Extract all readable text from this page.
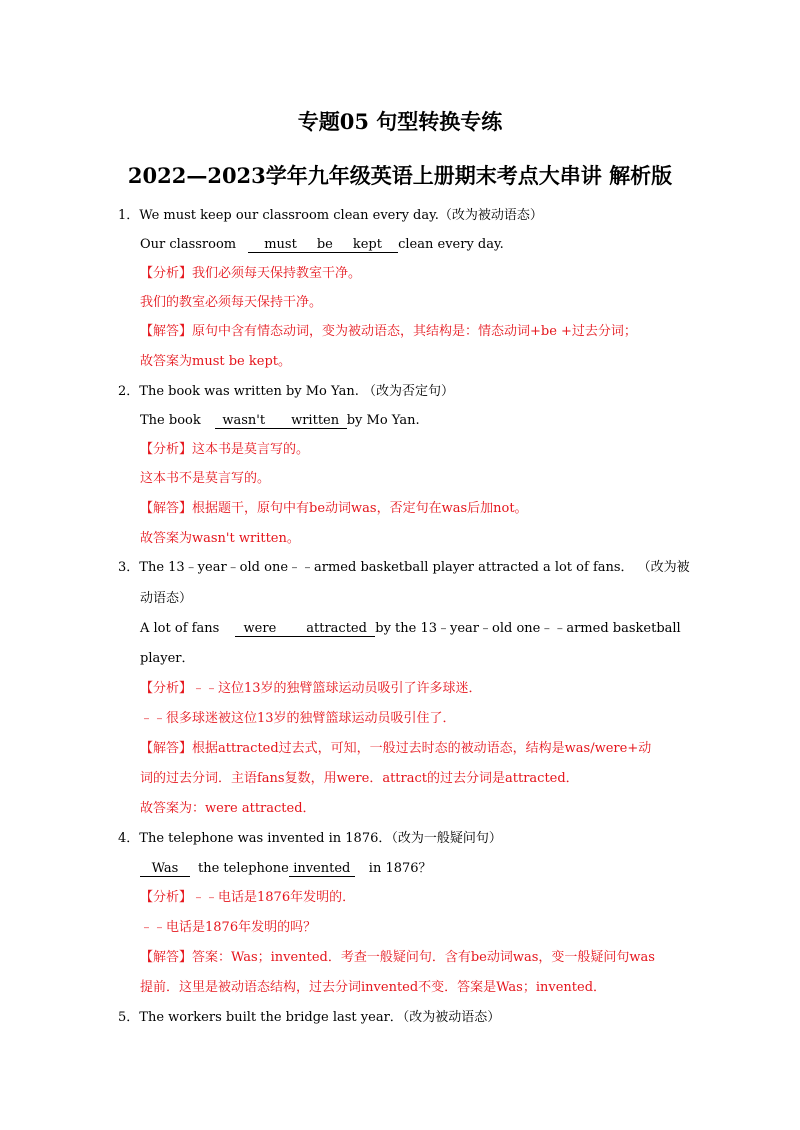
专题05 句型转换专练
2022—2023学年九年级英语上册期末考点大串讲 解析版
1．We must keep our classroom clean every day.（改为被动语态）
Our classroom must be kept clean every day.
【分析】我们必须每天保持教室干净。
我们的教室必须每天保持干净。
【解答】原句中含有情态动词，变为被动语态，其结构是：情态动词+be +过去分词；
故答案为must be kept。
2．The book was written by Mo Yan. （改为否定句）
The book wasn't written by Mo Yan.
【分析】这本书是莫言写的。
这本书不是莫言写的。
【解答】根据题干，原句中有be动词was，否定句在was后加not。
故答案为wasn't written。
3．The 13﹣year﹣old one﹣﹣armed basketball player attracted a lot of fans． （改为被
动语态）
A lot of fans were attracted by the 13﹣year﹣old one﹣﹣armed basketball
player．
【分析】﹣﹣这位13岁的独臂篮球运动员吸引了许多球迷．
﹣﹣很多球迷被这位13岁的独臂篮球运动员吸引住了．
【解答】根据attracted过去式，可知，一般过去时态的被动语态，结构是was/were+动
词的过去分词．主语fans复数，用were．attract的过去分词是attracted．
故答案为：were attracted．
4．The telephone was invented in 1876．（改为一般疑问句）
Was the telephone invented in 1876？
【分析】﹣﹣电话是1876年发明的．
﹣﹣电话是1876年发明的吗？
【解答】答案：Was；invented．考查一般疑问句．含有be动词was，变一般疑问句was
提前．这里是被动语态结构，过去分词invented不变．答案是Was；invented．
5．The workers built the bridge last year．（改为被动语态）
